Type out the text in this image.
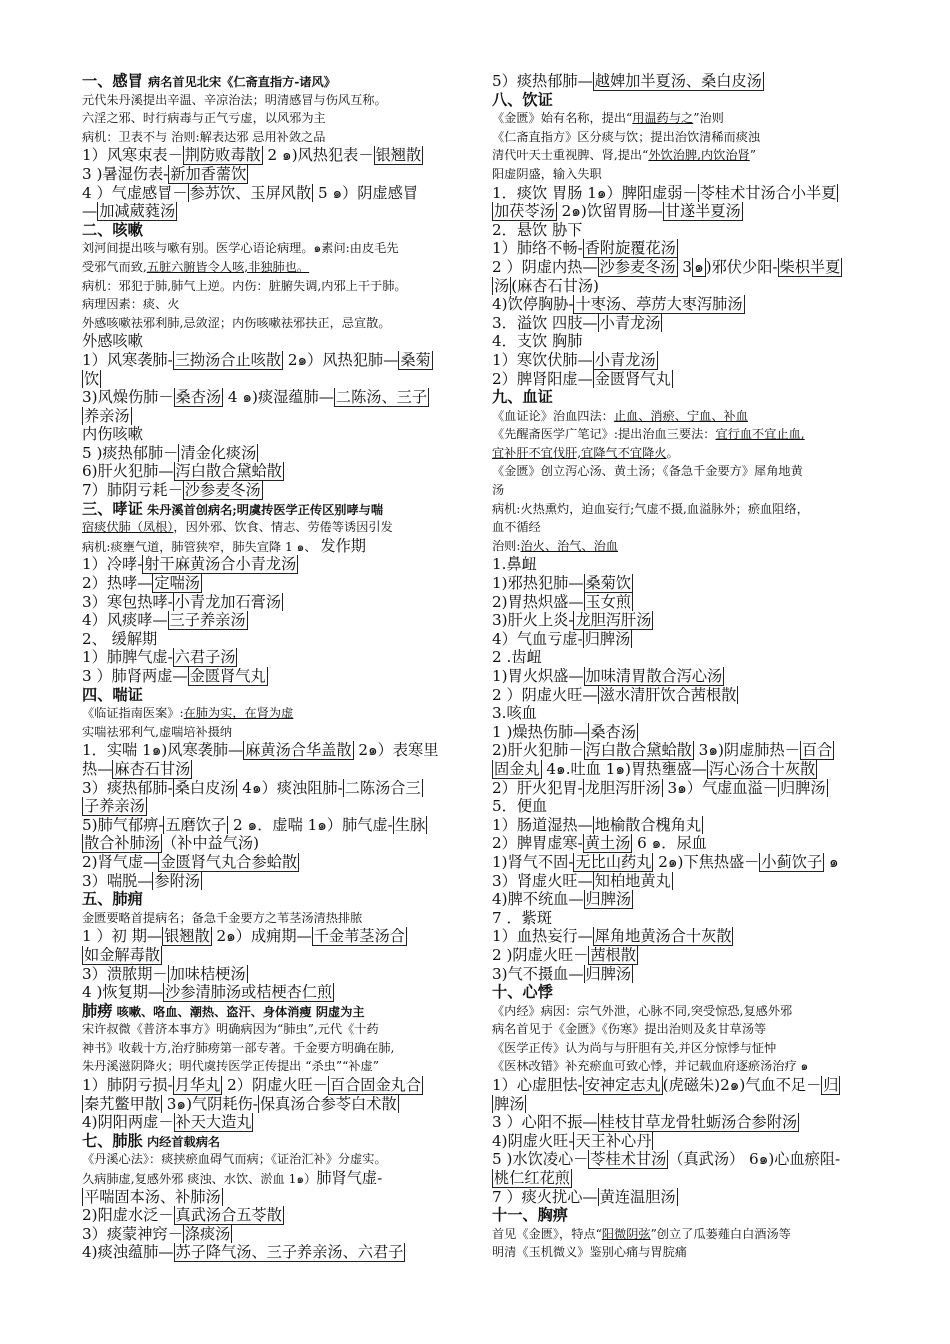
一、感冒 病名首见北宋《仁斋直指方-诸风》
元代朱丹溪提出辛温、辛凉治法；明清感冒与伤风互称。
六淫之邪、时行病毒与正气亏虚，以风邪为主
病机：卫表不与 治则:解表达邪 忌用补敛之品
1）风寒束表－ 荆防败毒散 2 ๑)风热犯表－ 银翘散
3 )暑湿伤表- 新加香薷饮
4 ）气虚感冒－ 参苏饮、玉屏风散 5 ๑）阴虚感冒
— 加减葳蕤汤
二、咳嗽
刘河间提出咳与嗽有别。医学心语论病理。๑素问:由皮毛先
受邪气而致,五脏六腑皆令人咳,非独肺也。
病机：邪犯于肺,肺气上逆。内伤：脏腑失调,内邪上干于肺。
病理因素：痰、火
外感咳嗽祛邪利肺,忌敛涩；内伤咳嗽祛邪扶正，忌宣散。
外感咳嗽
1）风寒袭肺- 三拗汤合止咳散 2๑）风热犯肺— 桑菊
饮
3)风燥伤肺－ 桑杏汤 4 ๑)痰湿蕴肺— 二陈汤、三子
养亲汤
内伤咳嗽
5 )痰热郁肺－ 清金化痰汤
6)肝火犯肺— 泻白散合黛蛤散
7）肺阴亏耗－ 沙参麦冬汤
三、哮证 朱丹溪首创病名;明虞抟医学正传区别哮与喘
宿痰伏肺（凤根），因外邪、饮食、情志、劳倦等诱因引发
病机:痰壅气道，肺管狭窄，肺失宣降 1 ๑、 发作期
1）冷哮- 射干麻黄汤合小青龙汤
2）热哮— 定喘汤
3）寒包热哮- 小青龙加石膏汤
4）风痰哮— 三子养亲汤
2、 缓解期
1）肺脾气虚- 六君子汤
3 ）肺肾两虚— 金匮肾气丸
四、喘证
《临证指南医案》:在肺为实，在肾为虚
实喘祛邪利气,虚喘培补摄纳
1．实喘 1๑)风寒袭肺— 麻黄汤合华盖散 2๑）表寒里
热— 麻杏石甘汤
3）痰热郁肺- 桑白皮汤 4๑）痰浊阻肺- 二陈汤合三
子养亲汤
5)肺气郁痹- 五磨饮子 2 ๑．虚喘 1๑）肺气虚- 生脉
散合补肺汤 （补中益气汤)
2)肾气虚— 金匮肾气丸合参蛤散
3）喘脱— 参附汤
五、肺痈
金匮要略首提病名；备急千金要方之苇茎汤清热排脓
1 ）初 期— 银翘散 2๑）成痈期— 千金苇茎汤合
如金解毒散
3）溃脓期－ 加味桔梗汤
4 )恢复期— 沙参清肺汤或桔梗杏仁煎
肺痨 咳嗽、咯血、潮热、盗汗、身体消瘦 阴虚为主
宋许叔微《普济本事方》明确病因为“肺虫”,元代《十药
神书》收载十方,治疗肺痨第一部专著。千金要方明确在肺,
朱丹溪滋阴降火；明代虞抟医学正传提出 “杀虫”“补虚”
1）肺阴亏损- 月华丸 2）阴虚火旺－ 百合固金丸合
秦艽鳖甲散 3๑)气阴耗伤- 保真汤合参苓白术散
4)阴阳两虚－ 补天大造丸
七、肺胀 内经首载病名
《丹溪心法》：痰挟瘀血碍气而病；《证治汇补》分虚实。
久病肺虚,复感外邪 痰浊、水饮、淤血 1๑）肺肾气虚-
平喘固本汤、补肺汤
2)阳虚水泛－ 真武汤合五苓散
3）痰蒙神窍－ 涤痰汤
4)痰浊蕴肺— 苏子降气汤、三子养亲汤、六君子
5）痰热郁肺— 越婢加半夏汤、桑白皮汤
八、饮证
《金匮》始有名称，提出“用温药与之”治则
《仁斋直指方》区分痰与饮；提出治饮清稀而痰浊
清代叶天士重视脾、肾,提出“外饮治脾,内饮治肾”
阳虚阴盛，输入失职
1．痰饮 胃肠 1๑）脾阳虚弱－ 苓桂术甘汤合小半夏
加茯苓汤 2๑)饮留胃肠— 甘遂半夏汤
2．悬饮 胁下
1）肺络不畅- 香附旋覆花汤
2 ）阴虚内热— 沙参麦冬汤 3 ๑ )邪伏少阳- 柴枳半夏
汤 (麻杏石甘汤)
4)饮停胸胁- 十枣汤、葶苈大枣泻肺汤
3．溢饮 四肢— 小青龙汤
4．支饮 胸肺
1）寒饮伏肺— 小青龙汤
2）脾肾阳虚— 金匮肾气丸
九、血证
《血证论》治血四法：止血、消瘀、宁血、补血
《先醒斋医学广笔记》:提出治血三要法：宜行血不宜止血,
宜补肝不宜伐肝,宜降气不宜降火。
《金匮》创立泻心汤、黄土汤；《备急千金要方》犀角地黄
汤
病机:火热熏灼，迫血妄行;气虚不摄,血溢脉外；瘀血阻络，
血不循经
治则:治火、治气、治血
1.鼻衄
1)邪热犯肺— 桑菊饮
2)胃热炽盛— 玉女煎
3)肝火上炎- 龙胆泻肝汤
4）气血亏虚- 归脾汤
2 .齿衄
1)胃火炽盛— 加味清胃散合泻心汤
2 ）阴虚火旺— 滋水清肝饮合茜根散
3.咳血
1 )燥热伤肺— 桑杏汤
2)肝火犯肺－ 泻白散合黛蛤散 3๑)阴虚肺热－ 百合
固金丸 4๑.吐血 1๑)胃热壅盛— 泻心汤合十灰散
2）肝火犯胃- 龙胆泻肝汤 3๑）气虚血溢－ 归脾汤
5．便血
1）肠道湿热— 地榆散合槐角丸
2）脾胃虚寒- 黄土汤 6 ๑．尿血
1)肾气不固- 无比山药丸 2๑)下焦热盛－ 小蓟饮子 ๑
3）肾虚火旺— 知柏地黄丸
4)脾不统血— 归脾汤
7 ．紫斑
1）血热妄行— 犀角地黄汤合十灰散
2 )阴虚火旺－ 茜根散
3)气不摄血— 归脾汤
十、心悸
《内经》病因：宗气外泄，心脉不同,突受惊恐,复感外邪
病名首见于《金匮》《伤寒》提出治则及炙甘草汤等
《医学正传》认为尚与与肝胆有关,并区分惊悸与怔忡
《医林改错》补充瘀血可致心悸，并记载血府逐瘀汤治疗 ๑
1）心虚胆怯- 安神定志丸 (虎磁朱)2๑)气血不足－ 归
脾汤
3 ）心阳不振— 桂枝甘草龙骨牡蛎汤合参附汤
4)阴虚火旺- 天王补心丹
5 )水饮凌心－ 苓桂术甘汤 （真武汤） 6๑)心血瘀阻-
桃仁红花煎
7 ）痰火扰心— 黄连温胆汤
十一、胸痹
首见《金匮》，特点“阳微阴弦”创立了瓜蒌薤白白酒汤等
明清《玉机微义》鉴别心痛与胃脘痛
